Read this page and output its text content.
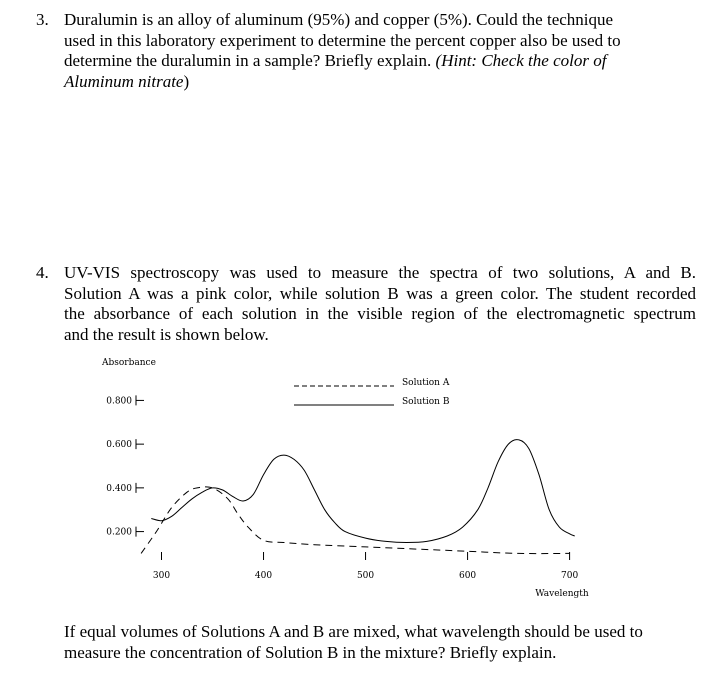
3. Duralumin is an alloy of aluminum (95%) and copper (5%). Could the technique
used in this laboratory experiment to determine the percent copper also be used to
determine the duralumin in a sample? Briefly explain. (Hint: Check the color of
Aluminum nitrate)
4. UV-VIS spectroscopy was used to measure the spectra of two solutions, A and B.
Solution A was a pink color, while solution B was a green color. The student recorded
the absorbance of each solution in the visible region of the electromagnetic spectrum
and the result is shown below.
Absorbance
0.200
0.400
0.600
0.800
300	400	500	600	700
Wavelength
Solution A
Solution B
If equal volumes of Solutions A and B are mixed, what wavelength should be used to
measure the concentration of Solution B in the mixture? Briefly explain.
